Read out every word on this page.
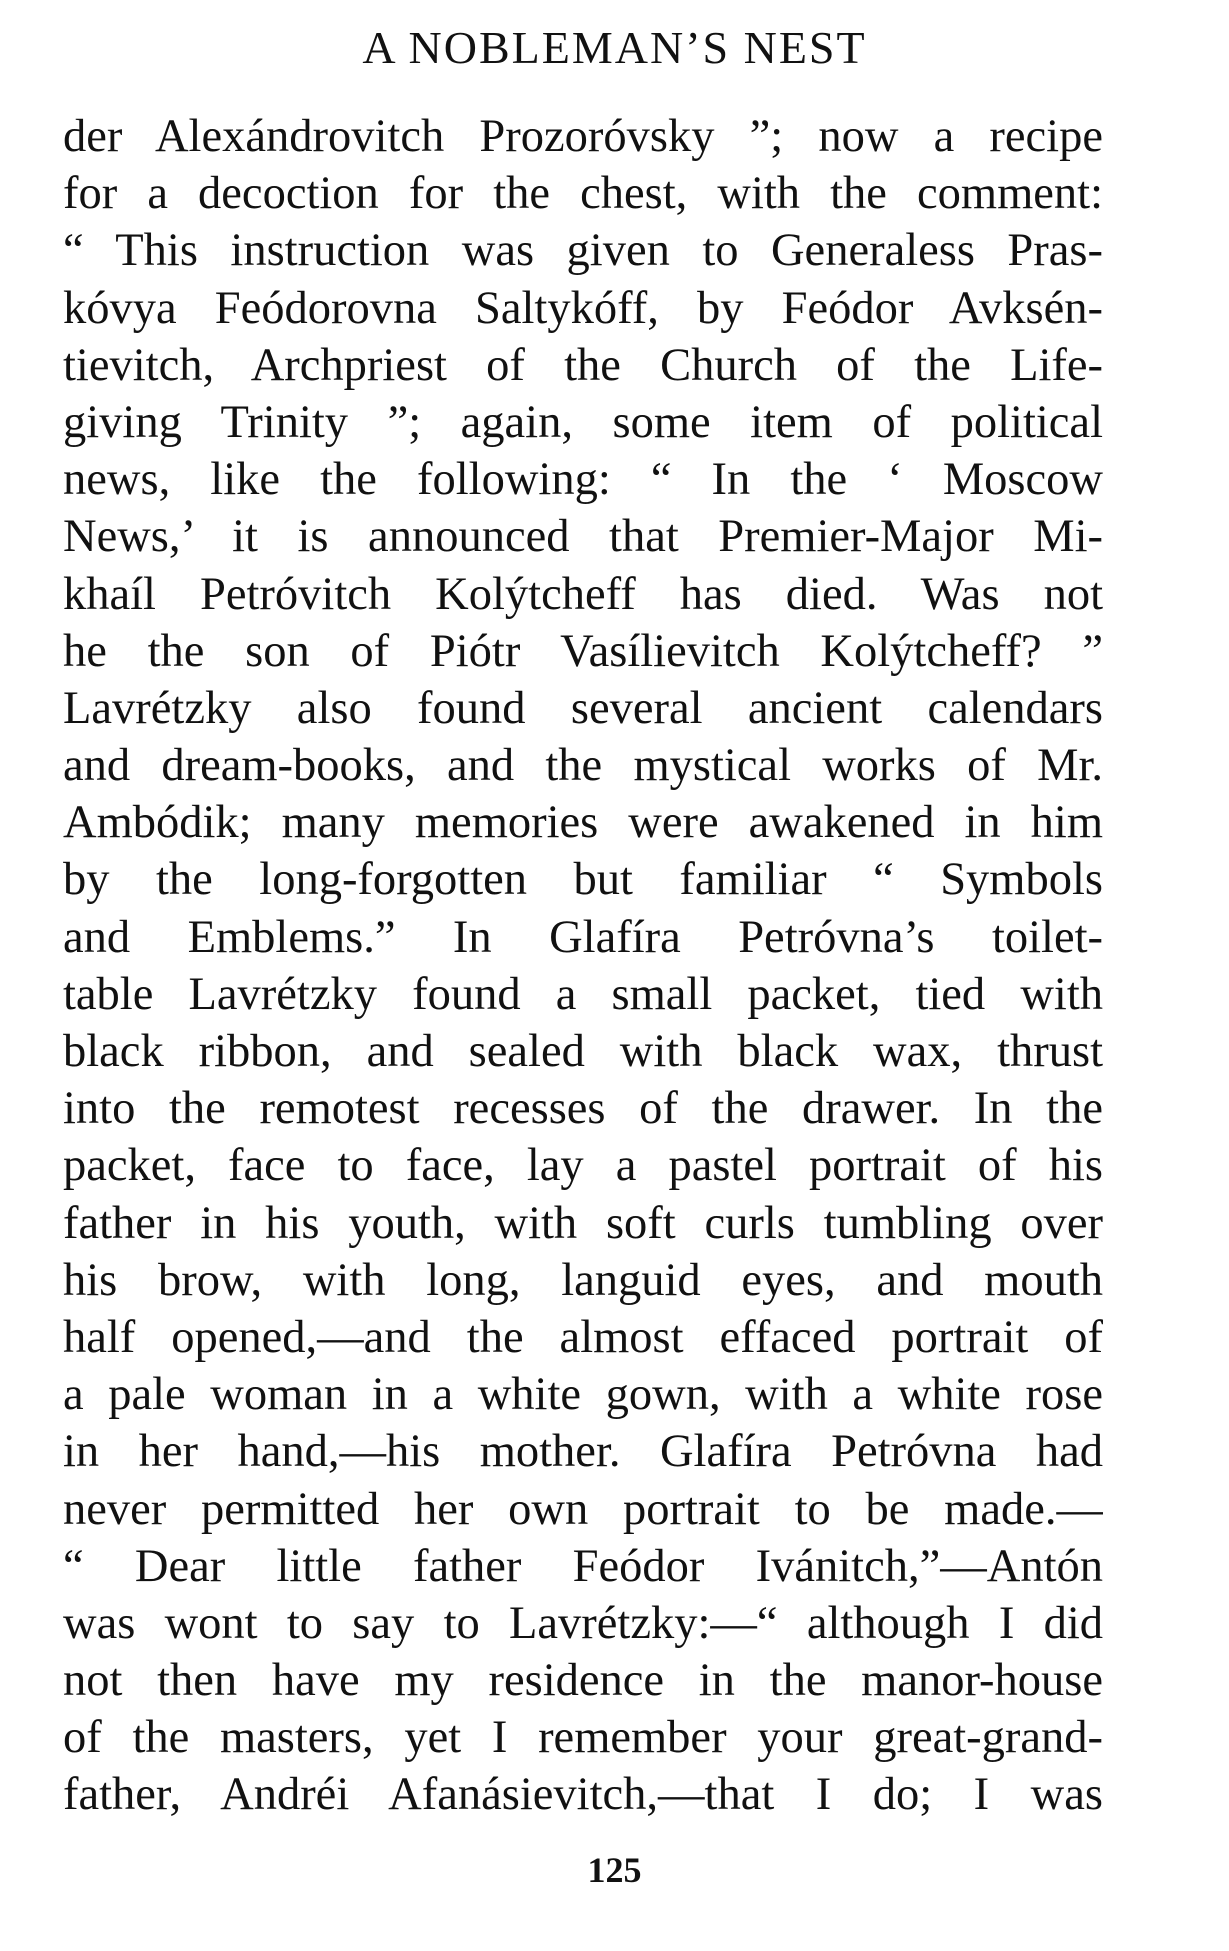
A NOBLEMAN’S NEST
der Alexándrovitch Prozoróvsky ”; now a recipe
for a decoction for the chest, with the comment:
“ This instruction was given to Generaless Pras-
kóvya Feódorovna Saltykóff, by Feódor Avksén-
tievitch, Archpriest of the Church of the Life-
giving Trinity ”; again, some item of political
news, like the following: “ In the ‘ Moscow
News,’ it is announced that Premier-Major Mi-
khaíl Petróvitch Kolýtcheff has died. Was not
he the son of Piótr Vasílievitch Kolýtcheff? ”
Lavrétzky also found several ancient calendars
and dream-books, and the mystical works of Mr.
Ambódik; many memories were awakened in him
by the long-forgotten but familiar “ Symbols
and Emblems.” In Glafíra Petróvna’s toilet-
table Lavrétzky found a small packet, tied with
black ribbon, and sealed with black wax, thrust
into the remotest recesses of the drawer. In the
packet, face to face, lay a pastel portrait of his
father in his youth, with soft curls tumbling over
his brow, with long, languid eyes, and mouth
half opened,—and the almost effaced portrait of
a pale woman in a white gown, with a white rose
in her hand,—his mother. Glafíra Petróvna had
never permitted her own portrait to be made.—
“ Dear little father Feódor Ivánitch,”—Antón
was wont to say to Lavrétzky:—“ although I did
not then have my residence in the manor-house
of the masters, yet I remember your great-grand-
father, Andréi Afanásievitch,—that I do; I was
125
